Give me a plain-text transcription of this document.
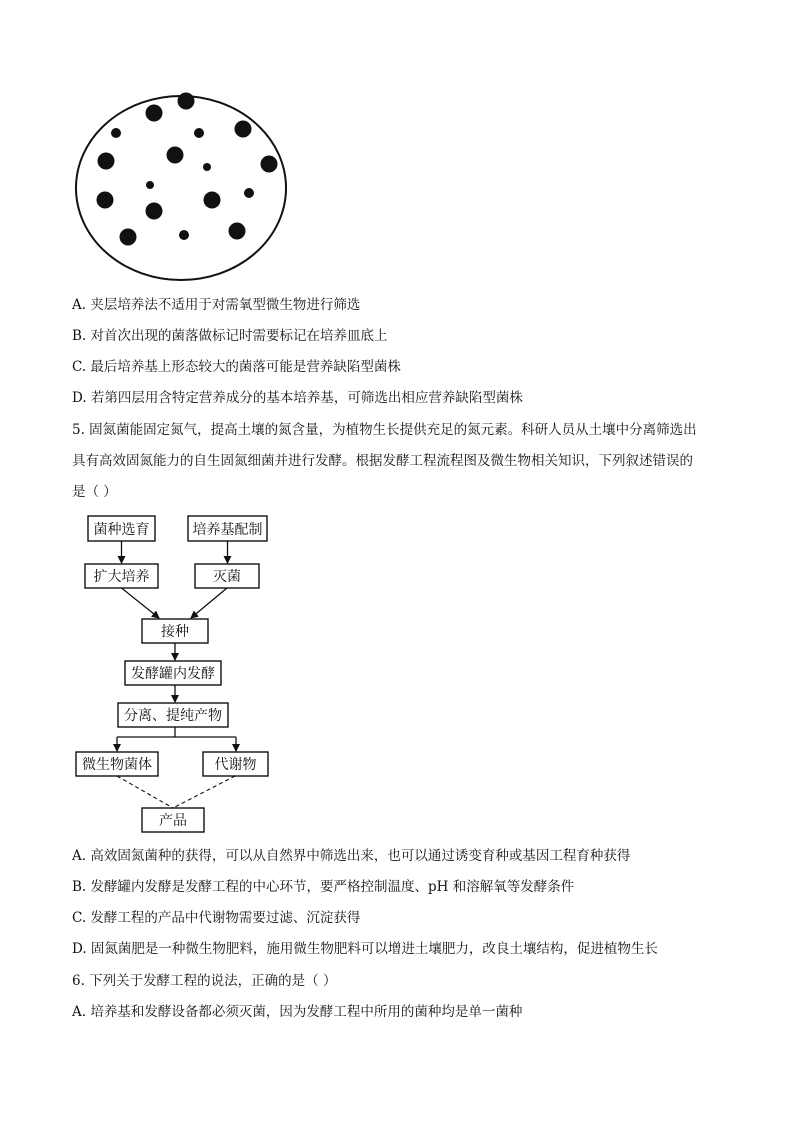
A. 夹层培养法不适用于对需氧型微生物进行筛选
B. 对首次出现的菌落做标记时需要标记在培养皿底上
C. 最后培养基上形态较大的菌落可能是营养缺陷型菌株
D. 若第四层用含特定营养成分的基本培养基，可筛选出相应营养缺陷型菌株
5. 固氮菌能固定氮气，提高土壤的氮含量，为植物生长提供充足的氮元素。科研人员从土壤中分离筛选出
具有高效固氮能力的自生固氮细菌并进行发酵。根据发酵工程流程图及微生物相关知识，下列叙述错误的
是（ ）
菌种选育	培养基配制
扩大培养	灭菌
接种
发酵罐内发酵
分离、提纯产物
微生物菌体	代谢物
产品
A. 高效固氮菌种的获得，可以从自然界中筛选出来，也可以通过诱变育种或基因工程育种获得
B. 发酵罐内发酵是发酵工程的中心环节，要严格控制温度、pH 和溶解氧等发酵条件
C. 发酵工程的产品中代谢物需要过滤、沉淀获得
D. 固氮菌肥是一种微生物肥料，施用微生物肥料可以增进土壤肥力，改良土壤结构，促进植物生长
6. 下列关于发酵工程的说法，正确的是（ ）
A. 培养基和发酵设备都必须灭菌，因为发酵工程中所用的菌种均是单一菌种
